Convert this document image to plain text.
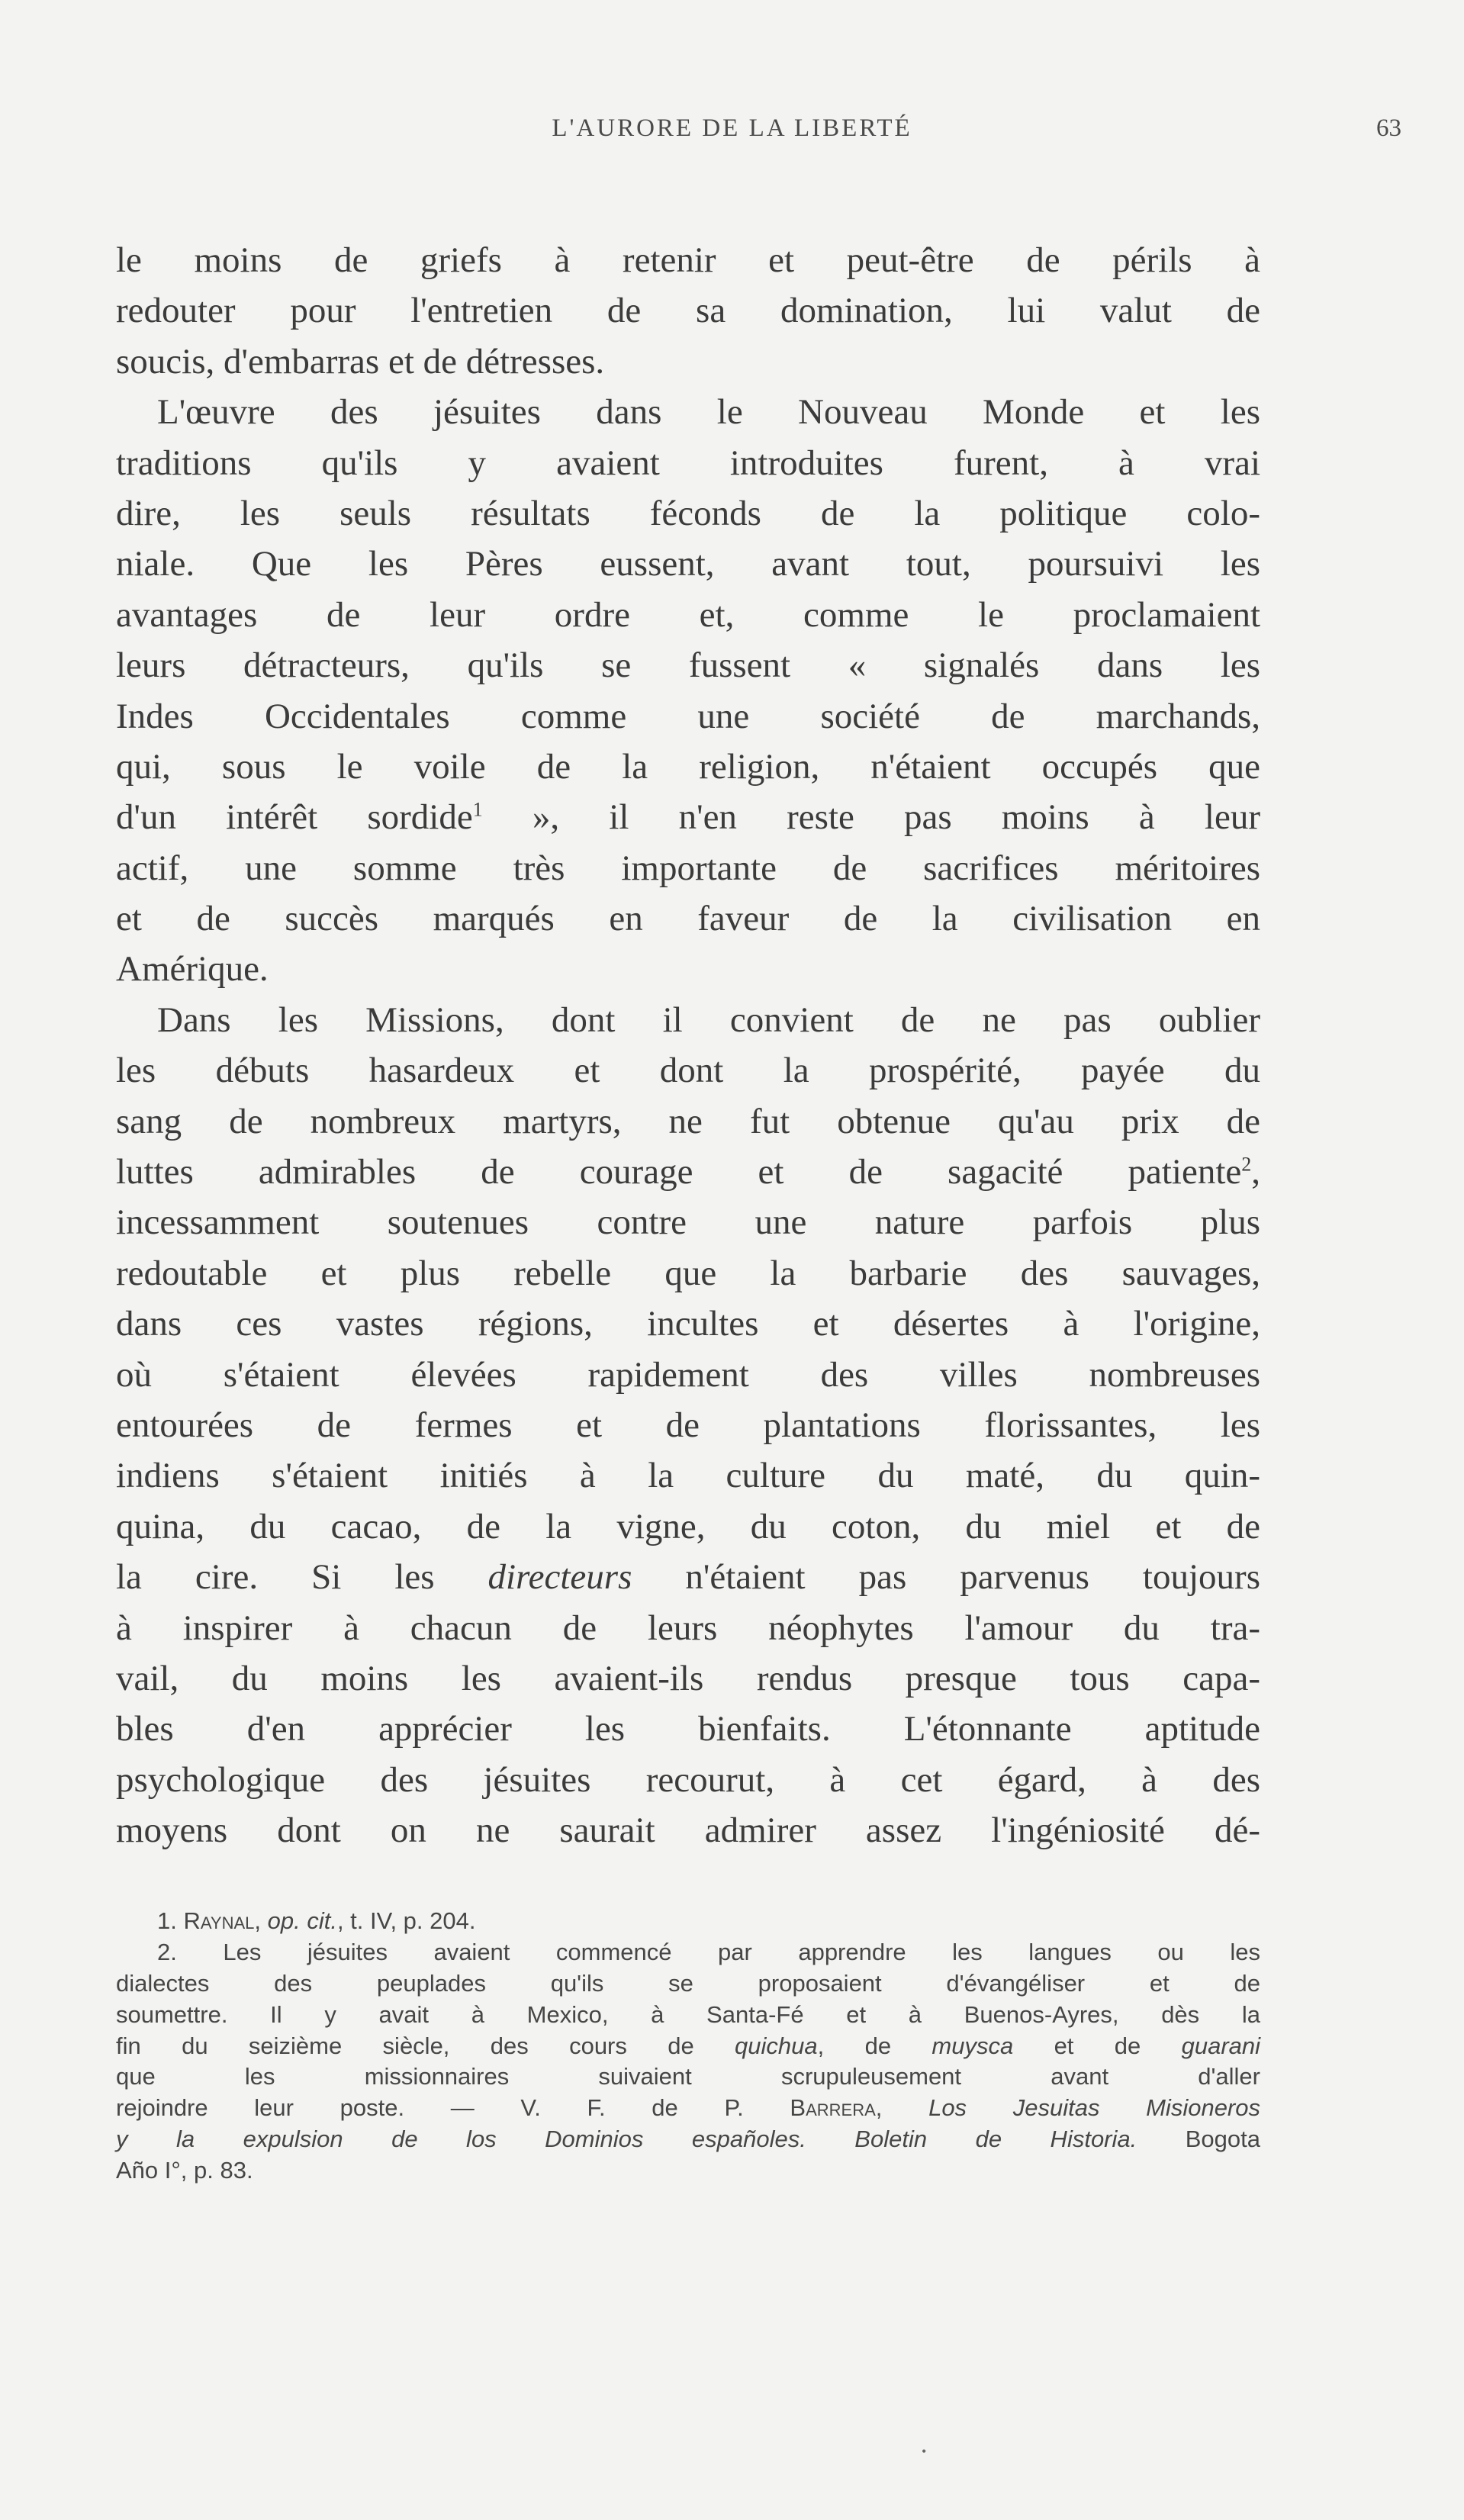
L'AURORE DE LA LIBERTÉ	63
le moins de griefs à retenir et peut-être de périls à
redouter pour l'entretien de sa domination, lui valut de
soucis, d'embarras et de détresses.
L'œuvre des jésuites dans le Nouveau Monde et les
traditions qu'ils y avaient introduites furent, à vrai
dire, les seuls résultats féconds de la politique colo-
niale. Que les Pères eussent, avant tout, poursuivi les
avantages de leur ordre et, comme le proclamaient
leurs détracteurs, qu'ils se fussent « signalés dans les
Indes Occidentales comme une société de marchands,
qui, sous le voile de la religion, n'étaient occupés que
d'un intérêt sordide$^1$ », il n'en reste pas moins à leur
actif, une somme très importante de sacrifices méritoires
et de succès marqués en faveur de la civilisation en
Amérique.
Dans les Missions, dont il convient de ne pas oublier
les débuts hasardeux et dont la prospérité, payée du
sang de nombreux martyrs, ne fut obtenue qu'au prix de
luttes admirables de courage et de sagacité patiente$^2$,
incessamment soutenues contre une nature parfois plus
redoutable et plus rebelle que la barbarie des sauvages,
dans ces vastes régions, incultes et désertes à l'origine,
où s'étaient élevées rapidement des villes nombreuses
entourées de fermes et de plantations florissantes, les
indiens s'étaient initiés à la culture du maté, du quin-
quina, du cacao, de la vigne, du coton, du miel et de
la cire. Si les directeurs n'étaient pas parvenus toujours
à inspirer à chacun de leurs néophytes l'amour du tra-
vail, du moins les avaient-ils rendus presque tous capa-
bles d'en apprécier les bienfaits. L'étonnante aptitude
psychologique des jésuites recourut, à cet égard, à des
moyens dont on ne saurait admirer assez l'ingéniosité dé-
1. Raynal, op. cit., t. IV, p. 204.
2. Les jésuites avaient commencé par apprendre les langues ou les
dialectes des peuplades qu'ils se proposaient d'évangéliser et de
soumettre. Il y avait à Mexico, à Santa-Fé et à Buenos-Ayres, dès la
fin du seizième siècle, des cours de quichua, de muysca et de guarani
que les missionnaires suivaient scrupuleusement avant d'aller
rejoindre leur poste. — V. F. de P. Barrera, Los Jesuitas Misioneros
y la expulsion de los Dominios españoles. Boletin de Historia. Bogota
Año I°, p. 83.
•
